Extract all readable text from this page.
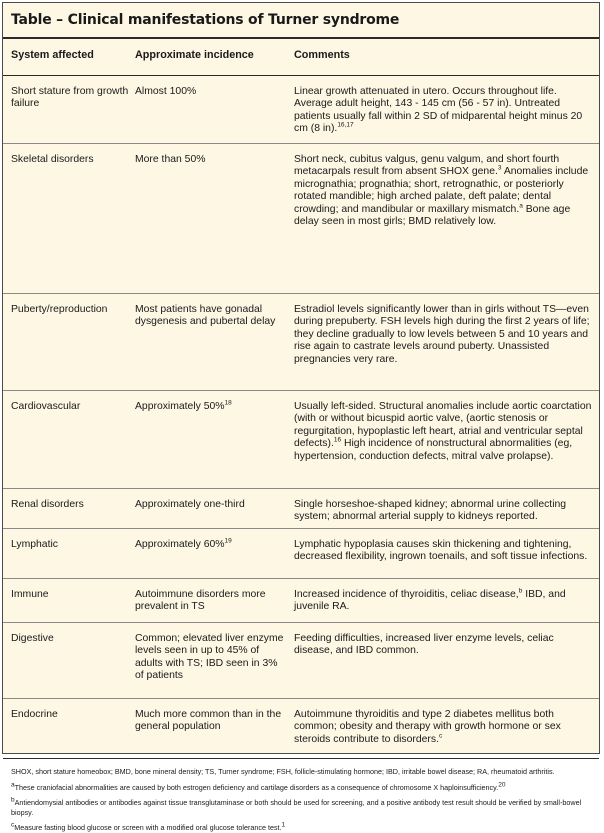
Table – Clinical manifestations of Turner syndrome
System affected	Approximate incidence	Comments
Short stature from growth failure	Almost 100%	Linear growth attenuated in utero. Occurs throughout life. Average adult height, 143 - 145 cm (56 - 57 in). Untreated patients usually fall within 2 SD of midparental height minus 20 cm (8 in).$^{16,17}$
Skeletal disorders	More than 50%	Short neck, cubitus valgus, genu valgum, and short fourth metacarpals result from absent SHOX gene.$^3$ Anomalies include micrognathia; prognathia; short, retrognathic, or posteriorly rotated mandible; high arched palate, deft palate; dental crowding; and mandibular or maxillary mismatch.$^a$ Bone age delay seen in most girls; BMD relatively low.
Puberty/reproduction	Most patients have gonadal dysgenesis and pubertal delay	Estradiol levels significantly lower than in girls without TS—even during prepuberty. FSH levels high during the first 2 years of life; they decline gradually to low levels between 5 and 10 years and rise again to castrate levels around puberty. Unassisted pregnancies very rare.
Cardiovascular	Approximately 50%$^{18}$	Usually left-sided. Structural anomalies include aortic coarctation (with or without bicuspid aortic valve, (aortic stenosis or regurgitation, hypoplastic left heart, atrial and ventricular septal defects).$^{16}$ High incidence of nonstructural abnormalities (eg, hypertension, conduction defects, mitral valve prolapse).
Renal disorders	Approximately one-third	Single horseshoe-shaped kidney; abnormal urine collecting system; abnormal arterial supply to kidneys reported.
Lymphatic	Approximately 60%$^{19}$	Lymphatic hypoplasia causes skin thickening and tightening, decreased flexibility, ingrown toenails, and soft tissue infections.
Immune	Autoimmune disorders more prevalent in TS	Increased incidence of thyroiditis, celiac disease,$^b$ IBD, and juvenile RA.
Digestive	Common; elevated liver enzyme levels seen in up to 45% of adults with TS; IBD seen in 3% of patients	Feeding difficulties, increased liver enzyme levels, celiac disease, and IBD common.
Endocrine	Much more common than in the general population	Autoimmune thyroiditis and type 2 diabetes mellitus both common; obesity and therapy with growth hormone or sex steroids contribute to disorders.$^c$

SHOX, short stature homeobox; BMD, bone mineral density; TS, Turner syndrome; FSH, follicle-stimulating hormone; IBD, irritable bowel disease; RA, rheumatoid arthritis.

$^a$These craniofacial abnormalities are caused by both estrogen deficiency and cartilage disorders as a consequence of chromosome X haploinsufficiency.$^{20}$

$^b$Antiendomysial antibodies or antibodies against tissue transglutaminase or both should be used for screening, and a positive antibody test result should be verified by small-bowel biopsy.

$^c$Measure fasting blood glucose or screen with a modified oral glucose tolerance test.$^1$
